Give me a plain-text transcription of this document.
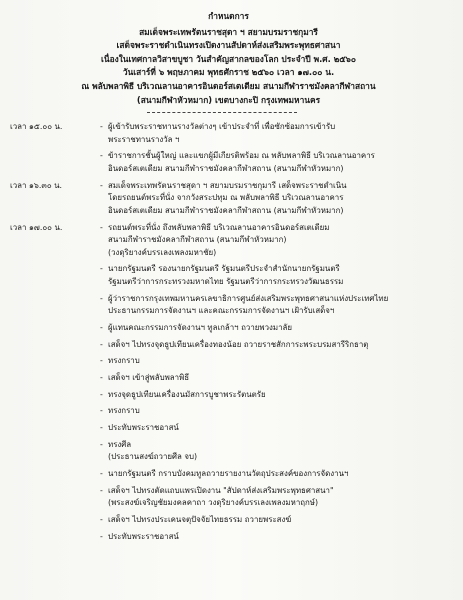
กำหนดการ
สมเด็จพระเทพรัตนราชสุดา ฯ สยามบรมราชกุมารี
เสด็จพระราชดำเนินทรงเปิดงานสัปดาห์ส่งเสริมพระพุทธศาสนา
เนื่องในเทศกาลวิสาขบูชา วันสำคัญสากลของโลก ประจำปี พ.ศ. ๒๕๖๐
วันเสาร์ที่ ๖ พฤษภาคม พุทธศักราช ๒๕๖๐ เวลา ๑๗.๐๐ น.
ณ พลับพลาพิธี บริเวณลานอาคารอินดอร์สเตเดียม สนามกีฬาราชมังคลากีฬาสถาน
(สนามกีฬาหัวหมาก) เขตบางกะปิ กรุงเทพมหานคร
เวลา ๑๕.๐๐ น.	- ผู้เข้ารับพระราชทานรางวัลต่างๆ เข้าประจำที่ เพื่อซักซ้อมการเข้ารับ
พระราชทานรางวัล ฯ
- ข้าราชการชั้นผู้ใหญ่ และแขกผู้มีเกียรติพร้อม ณ พลับพลาพิธี บริเวณลานอาคาร
อินดอร์สเตเดียม สนามกีฬาราชมังคลากีฬาสถาน (สนามกีฬาหัวหมาก)
เวลา ๑๖.๓๐ น.	- สมเด็จพระเทพรัตนราชสุดา ฯ สยามบรมราชกุมารี เสด็จพระราชดำเนิน
โดยรถยนต์พระที่นั่ง จากวังสระปทุม ณ พลับพลาพิธี บริเวณลานอาคาร
อินดอร์สเตเดียม สนามกีฬาราชมังคลากีฬาสถาน (สนามกีฬาหัวหมาก)
เวลา ๑๗.๐๐ น.	- รถยนต์พระที่นั่ง ถึงพลับพลาพิธี บริเวณลานอาคารอินดอร์สเตเดียม
สนามกีฬาราชมังคลากีฬาสถาน (สนามกีฬาหัวหมาก)
(วงดุริยางค์บรรเลงเพลงมหาชัย)
- นายกรัฐมนตรี รองนายกรัฐมนตรี รัฐมนตรีประจำสำนักนายกรัฐมนตรี
รัฐมนตรีว่าการกระทรวงมหาดไทย รัฐมนตรีว่าการกระทรวงวัฒนธรรม
- ผู้ว่าราชการกรุงเทพมหานครเลขาธิการศูนย์ส่งเสริมพระพุทธศาสนาแห่งประเทศไทย
ประธานกรรมการจัดงานฯ และคณะกรรมการจัดงานฯ เฝ้ารับเสด็จฯ
- ผู้แทนคณะกรรมการจัดงานฯ ทูลเกล้าฯ ถวายพวงมาลัย
- เสด็จฯ ไปทรงจุดธูปเทียนเครื่องทองน้อย ถวายราชสักการะพระบรมสารีริกธาตุ
- ทรงกราบ
- เสด็จฯ เข้าสู่พลับพลาพิธี
- ทรงจุดธูปเทียนเครื่องนมัสการบูชาพระรัตนตรัย
- ทรงกราบ
- ประทับพระราชอาสน์
- ทรงศีล
(ประธานสงฆ์ถวายศีล จบ)
- นายกรัฐมนตรี กราบบังคมทูลถวายรายงานวัตถุประสงค์ของการจัดงานฯ
- เสด็จฯ ไปทรงตัดแถบแพรเปิดงาน "สัปดาห์ส่งเสริมพระพุทธศาสนา"
(พระสงฆ์เจริญชัยมงคลคาถา วงดุริยางค์บรรเลงเพลงมหาฤกษ์)
- เสด็จฯ ไปทรงประเคนจตุปัจจัยไทยธรรม ถวายพระสงฆ์
- ประทับพระราชอาสน์
